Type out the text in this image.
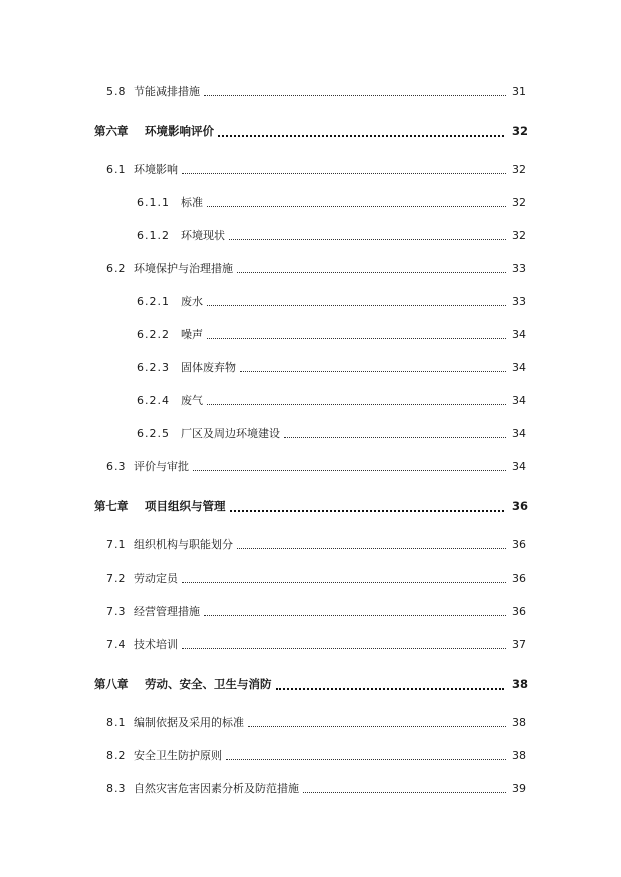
5.8 节能减排措施	31
第六章	环境影响评价	32
6.1 环境影响	32
6.1.1	标准	32
6.1.2	环境现状	32
6.2 环境保护与治理措施	33
6.2.1	废水	33
6.2.2	噪声	34
6.2.3	固体废弃物	34
6.2.4	废气	34
6.2.5	厂区及周边环境建设	34
6.3 评价与审批	34
第七章	项目组织与管理	36
7.1 组织机构与职能划分	36
7.2 劳动定员	36
7.3 经营管理措施	36
7.4 技术培训	37
第八章	劳动、安全、卫生与消防	38
8.1 编制依据及采用的标准	38
8.2 安全卫生防护原则	38
8.3 自然灾害危害因素分析及防范措施	39
